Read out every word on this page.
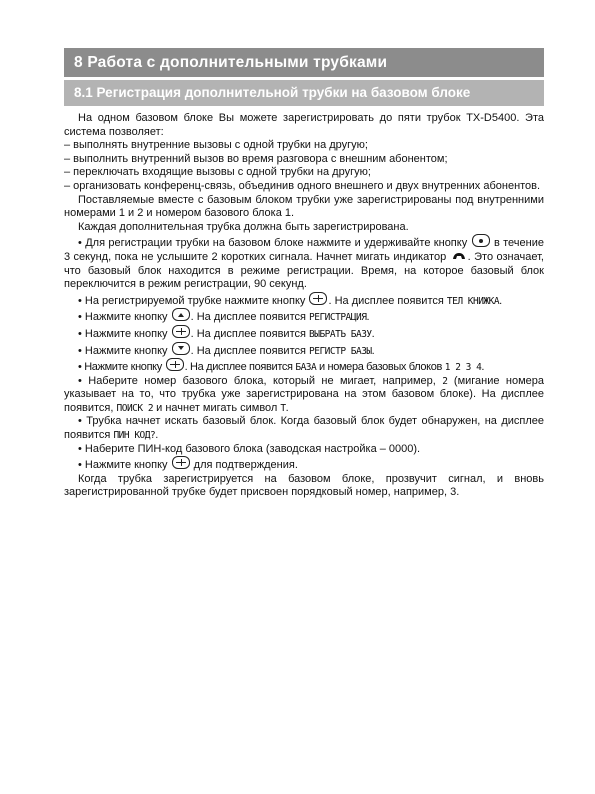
8 Работа с дополнительными трубками
8.1 Регистрация дополнительной трубки на базовом блоке

На одном базовом блоке Вы можете зарегистрировать до пяти трубок TX-D5400. Эта система позволяет:

– выполнять внутренние вызовы с одной трубки на другую;

– выполнить внутренний вызов во время разговора с внешним абонентом;

– переключать входящие вызовы с одной трубки на другую;

– организовать конференц-связь, объединив одного внешнего и двух внутренних абонентов.

Поставляемые вместе с базовым блоком трубки уже зарегистрированы под внутренними номерами 1 и 2 и номером базового блока 1.

Каждая дополнительная трубка должна быть зарегистрирована.

• Для регистрации трубки на базовом блоке нажмите и удерживайте кнопку в течение 3 секунд, пока не услышите 2 коротких сигнала. Начнет мигать индикатор . Это означает, что базовый блок находится в режиме регистрации. Время, на которое базовый блок переключится в режим регистрации, 90 секунд.

• На регистрируемой трубке нажмите кнопку . На дисплее появится ТЕЛ КНИЖКА.

• Нажмите кнопку . На дисплее появится РЕГИСТРАЦИЯ.

• Нажмите кнопку . На дисплее появится ВЫБРАТЬ БАЗУ.

• Нажмите кнопку . На дисплее появится РЕГИСТР БАЗЫ.

• Нажмите кнопку . На дисплее появится БАЗА и номера базовых блоков 1 2 3 4.

• Наберите номер базового блока, который не мигает, например, 2 (мигание номера указывает на то, что трубка уже зарегистрирована на этом базовом блоке). На дисплее появится, ПОИСК 2 и начнет мигать символ Т.

• Трубка начнет искать базовый блок. Когда базовый блок будет обнаружен, на дисплее появится ПИН КОД?.

• Наберите ПИН-код базового блока (заводская настройка – 0000).

• Нажмите кнопку для подтверждения.

Когда трубка зарегистрируется на базовом блоке, прозвучит сигнал, и вновь зарегистрированной трубке будет присвоен порядковый номер, например, 3.
